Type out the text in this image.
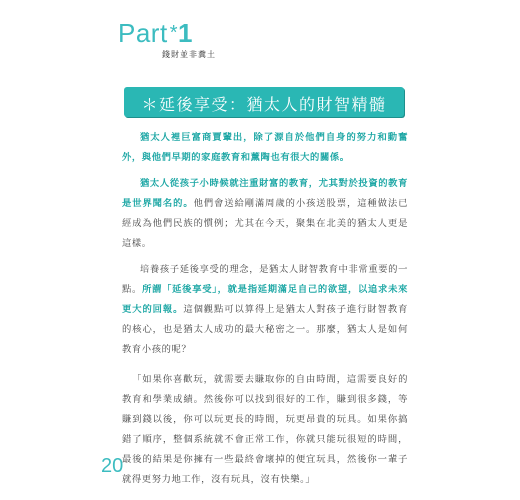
Part *1
錢財並非糞土
＊延後享受：猶太人的財智精髓

猶太人裡巨富商賈輩出，除了源自於他們自身的努力和動奮外，與他們早期的家庭教育和薰陶也有很大的關係。

猶太人從孩子小時候就注重財富的教育，尤其對於投資的教育是世界聞名的。他們會送給剛滿周歲的小孩送股票，這種做法已經成為他們民族的慣例；尤其在今天，聚集在北美的猶太人更是這樣。

培養孩子延後享受的理念，是猶太人財智教育中非常重要的一點。所謂「延後享受」，就是指延期滿足自己的欲望，以追求未來更大的回報。這個觀點可以算得上是猶太人對孩子進行財智教育的核心，也是猶太人成功的最大秘密之一。那麼，猶太人是如何教育小孩的呢？

「如果你喜歡玩，就需要去賺取你的自由時間，這需要良好的教育和學業成績。然後你可以找到很好的工作，賺到很多錢，等賺到錢以後，你可以玩更長的時間，玩更昂貴的玩具。如果你搞錯了順序，整個系統就不會正常工作，你就只能玩很短的時間，最後的結果是你擁有一些最終會壞掉的便宜玩具，然後你一輩子就得更努力地工作，沒有玩具，沒有快樂。」

20
